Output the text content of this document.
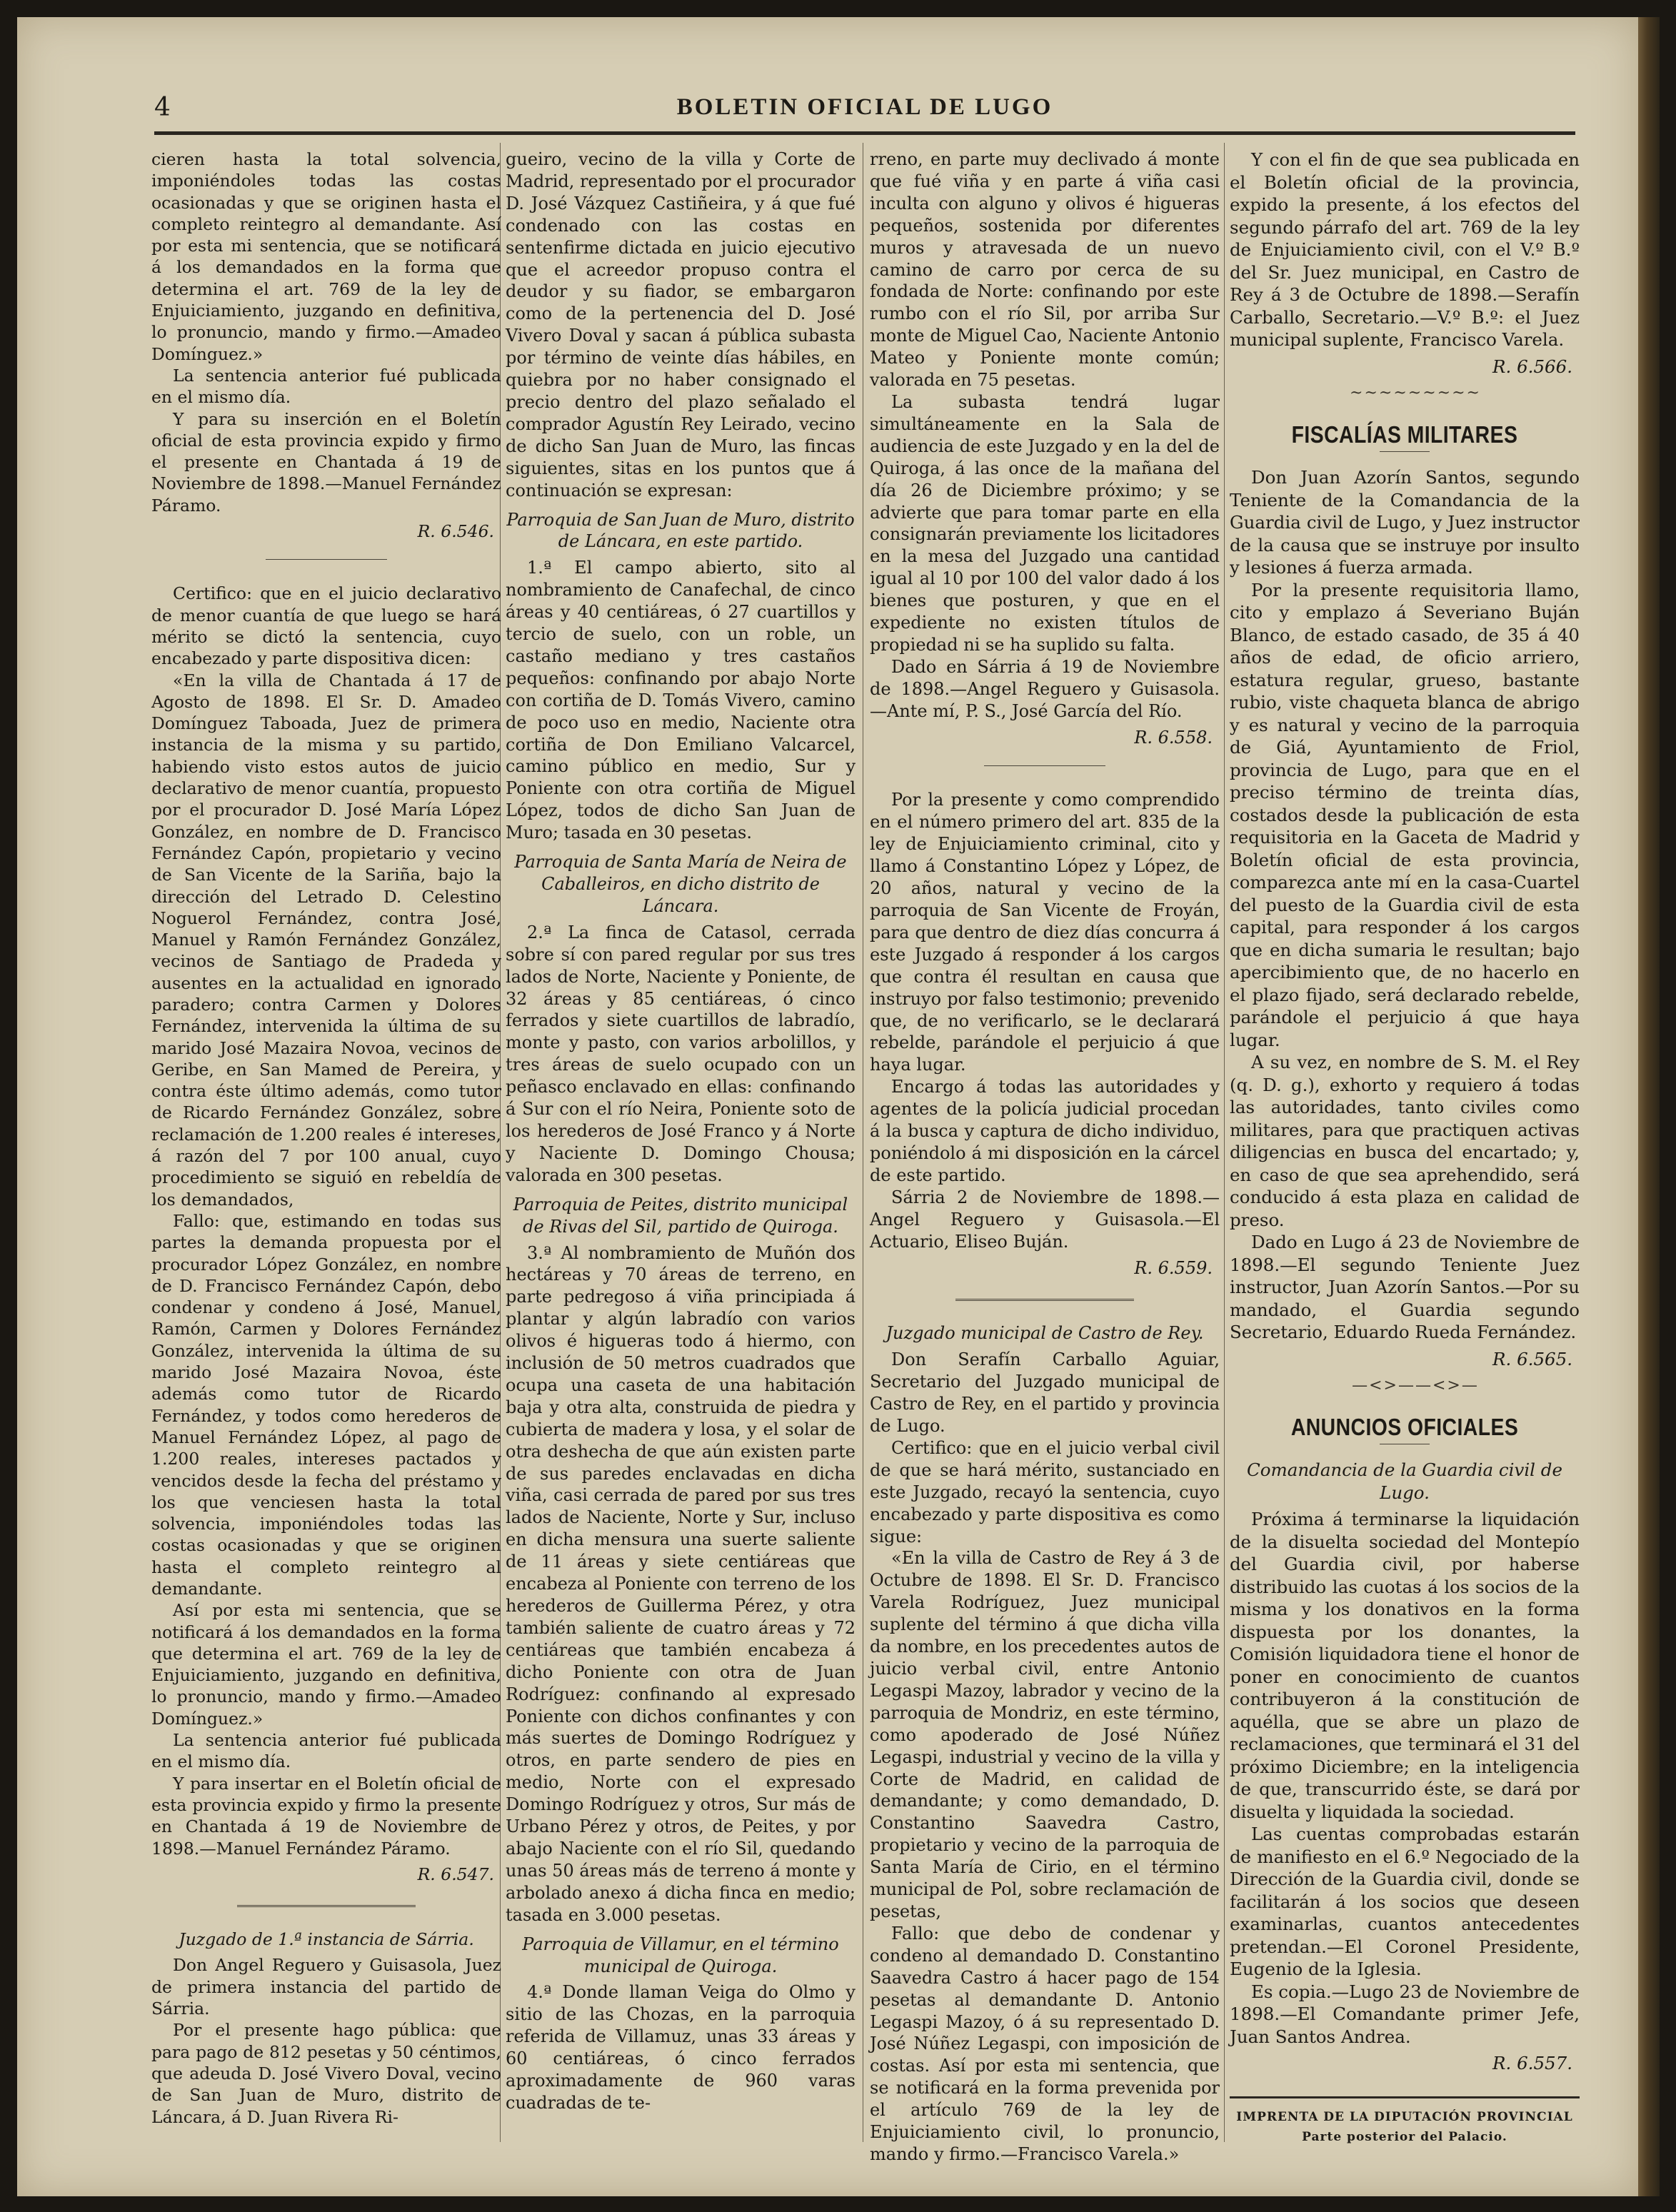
4	BOLETIN OFICIAL DE LUGO

cieren hasta la total solvencia, imponiéndoles todas las costas ocasionadas y que se originen hasta el completo reintegro al demandante. Así por esta mi sentencia, que se notificará á los demandados en la forma que determina el art. 769 de la ley de Enjuiciamiento, juzgando en definitiva, lo pronuncio, mando y firmo.—Amadeo Domínguez.»

La sentencia anterior fué publicada en el mismo día.

Y para su inserción en el Boletín oficial de esta provincia expido y firmo el presente en Chantada á 19 de Noviembre de 1898.—Manuel Fernández Páramo.

R. 6.546.

Certifico: que en el juicio declarativo de menor cuantía de que luego se hará mérito se dictó la sentencia, cuyo encabezado y parte dispositiva dicen:

«En la villa de Chantada á 17 de Agosto de 1898. El Sr. D. Amadeo Domínguez Taboada, Juez de primera instancia de la misma y su partido, habiendo visto estos autos de juicio declarativo de menor cuantía, propuesto por el procurador D. José María López González, en nombre de D. Francisco Fernández Capón, propietario y vecino de San Vicente de la Sariña, bajo la dirección del Letrado D. Celestino Noguerol Fernández, contra José, Manuel y Ramón Fernández González, vecinos de Santiago de Pradeda y ausentes en la actualidad en ignorado paradero; contra Carmen y Dolores Fernández, intervenida la última de su marido José Mazaira Novoa, vecinos de Geribe, en San Mamed de Pereira, y contra éste último además, como tutor de Ricardo Fernández González, sobre reclamación de 1.200 reales é intereses, á razón del 7 por 100 anual, cuyo procedimiento se siguió en rebeldía de los demandados,

Fallo: que, estimando en todas sus partes la demanda propuesta por el procurador López González, en nombre de D. Francisco Fernández Capón, debo condenar y condeno á José, Manuel, Ramón, Carmen y Dolores Fernández González, intervenida la última de su marido José Mazaira Novoa, éste además como tutor de Ricardo Fernández, y todos como herederos de Manuel Fernández López, al pago de 1.200 reales, intereses pactados y vencidos desde la fecha del préstamo y los que venciesen hasta la total solvencia, imponiéndoles todas las costas ocasionadas y que se originen hasta el completo reintegro al demandante.

Así por esta mi sentencia, que se notificará á los demandados en la forma que determina el art. 769 de la ley de Enjuiciamiento, juzgando en definitiva, lo pronuncio, mando y firmo.—Amadeo Domínguez.»

La sentencia anterior fué publicada en el mismo día.

Y para insertar en el Boletín oficial de esta provincia expido y firmo la presente en Chantada á 19 de Noviembre de 1898.—Manuel Fernández Páramo.

R. 6.547.

Juzgado de 1.ª instancia de Sárria.

Don Angel Reguero y Guisasola, Juez de primera instancia del partido de Sárria.

Por el presente hago pública: que para pago de 812 pesetas y 50 céntimos, que adeuda D. José Vivero Doval, vecino de San Juan de Muro, distrito de Láncara, á D. Juan Rivera Ri-

gueiro, vecino de la villa y Corte de Madrid, representado por el procurador D. José Vázquez Castiñeira, y á que fué condenado con las costas en sentenfirme dictada en juicio ejecutivo que el acreedor propuso contra el deudor y su fiador, se embargaron como de la pertenencia del D. José Vivero Doval y sacan á pública subasta por término de veinte días hábiles, en quiebra por no haber consignado el precio dentro del plazo señalado el comprador Agustín Rey Leirado, vecino de dicho San Juan de Muro, las fincas siguientes, sitas en los puntos que á continuación se expresan:

Parroquia de San Juan de Muro, distrito de Láncara, en este partido.

1.ª El campo abierto, sito al nombramiento de Canafechal, de cinco áreas y 40 centiáreas, ó 27 cuartillos y tercio de suelo, con un roble, un castaño mediano y tres castaños pequeños: confinando por abajo Norte con cortiña de D. Tomás Vivero, camino de poco uso en medio, Naciente otra cortiña de Don Emiliano Valcarcel, camino público en medio, Sur y Poniente con otra cortiña de Miguel López, todos de dicho San Juan de Muro; tasada en 30 pesetas.

Parroquia de Santa María de Neira de Caballeiros, en dicho distrito de Láncara.

2.ª La finca de Catasol, cerrada sobre sí con pared regular por sus tres lados de Norte, Naciente y Poniente, de 32 áreas y 85 centiáreas, ó cinco ferrados y siete cuartillos de labradío, monte y pasto, con varios arbolillos, y tres áreas de suelo ocupado con un peñasco enclavado en ellas: confinando á Sur con el río Neira, Poniente soto de los herederos de José Franco y á Norte y Naciente D. Domingo Chousa; valorada en 300 pesetas.

Parroquia de Peites, distrito municipal de Rivas del Sil, partido de Quiroga.

3.ª Al nombramiento de Muñón dos hectáreas y 70 áreas de terreno, en parte pedregoso á viña principiada á plantar y algún labradío con varios olivos é higueras todo á hiermo, con inclusión de 50 metros cuadrados que ocupa una caseta de una habitación baja y otra alta, construida de piedra y cubierta de madera y losa, y el solar de otra deshecha de que aún existen parte de sus paredes enclavadas en dicha viña, casi cerrada de pared por sus tres lados de Naciente, Norte y Sur, incluso en dicha mensura una suerte saliente de 11 áreas y siete centiáreas que encabeza al Poniente con terreno de los herederos de Guillerma Pérez, y otra también saliente de cuatro áreas y 72 centiáreas que también encabeza á dicho Poniente con otra de Juan Rodríguez: confinando al expresado Poniente con dichos confinantes y con más suertes de Domingo Rodríguez y otros, en parte sendero de pies en medio, Norte con el expresado Domingo Rodríguez y otros, Sur más de Urbano Pérez y otros, de Peites, y por abajo Naciente con el río Sil, quedando unas 50 áreas más de terreno á monte y arbolado anexo á dicha finca en medio; tasada en 3.000 pesetas.

Parroquia de Villamur, en el término municipal de Quiroga.

4.ª Donde llaman Veiga do Olmo y sitio de las Chozas, en la parroquia referida de Villamuz, unas 33 áreas y 60 centiáreas, ó cinco ferrados aproximadamente de 960 varas cuadradas de te-

rreno, en parte muy declivado á monte que fué viña y en parte á viña casi inculta con alguno y olivos é higueras pequeños, sostenida por diferentes muros y atravesada de un nuevo camino de carro por cerca de su fondada de Norte: confinando por este rumbo con el río Sil, por arriba Sur monte de Miguel Cao, Naciente Antonio Mateo y Poniente monte común; valorada en 75 pesetas.

La subasta tendrá lugar simultáneamente en la Sala de audiencia de este Juzgado y en la del de Quiroga, á las once de la mañana del día 26 de Diciembre próximo; y se advierte que para tomar parte en ella consignarán previamente los licitadores en la mesa del Juzgado una cantidad igual al 10 por 100 del valor dado á los bienes que posturen, y que en el expediente no existen títulos de propiedad ni se ha suplido su falta.

Dado en Sárria á 19 de Noviembre de 1898.—Angel Reguero y Guisasola. —Ante mí, P. S., José García del Río.

R. 6.558.

Por la presente y como comprendido en el número primero del art. 835 de la ley de Enjuiciamiento criminal, cito y llamo á Constantino López y López, de 20 años, natural y vecino de la parroquia de San Vicente de Froyán, para que dentro de diez días concurra á este Juzgado á responder á los cargos que contra él resultan en causa que instruyo por falso testimonio; prevenido que, de no verificarlo, se le declarará rebelde, parándole el perjuicio á que haya lugar.

Encargo á todas las autoridades y agentes de la policía judicial procedan á la busca y captura de dicho individuo, poniéndolo á mi disposición en la cárcel de este partido.

Sárria 2 de Noviembre de 1898.—Angel Reguero y Guisasola.—El Actuario, Eliseo Buján.

R. 6.559.

Juzgado municipal de Castro de Rey.

Don Serafín Carballo Aguiar, Secretario del Juzgado municipal de Castro de Rey, en el partido y provincia de Lugo.

Certifico: que en el juicio verbal civil de que se hará mérito, sustanciado en este Juzgado, recayó la sentencia, cuyo encabezado y parte dispositiva es como sigue:

«En la villa de Castro de Rey á 3 de Octubre de 1898. El Sr. D. Francisco Varela Rodríguez, Juez municipal suplente del término á que dicha villa da nombre, en los precedentes autos de juicio verbal civil, entre Antonio Legaspi Mazoy, labrador y vecino de la parroquia de Mondriz, en este término, como apoderado de José Núñez Legaspi, industrial y vecino de la villa y Corte de Madrid, en calidad de demandante; y como demandado, D. Constantino Saavedra Castro, propietario y vecino de la parroquia de Santa María de Cirio, en el término municipal de Pol, sobre reclamación de pesetas,

Fallo: que debo de condenar y condeno al demandado D. Constantino Saavedra Castro á hacer pago de 154 pesetas al demandante D. Antonio Legaspi Mazoy, ó á su representado D. José Núñez Legaspi, con imposición de costas. Así por esta mi sentencia, que se notificará en la forma prevenida por el artículo 769 de la ley de Enjuiciamiento civil, lo pronuncio, mando y firmo.—Francisco Varela.»

Y con el fin de que sea publicada en el Boletín oficial de la provincia, expido la presente, á los efectos del segundo párrafo del art. 769 de la ley de Enjuiciamiento civil, con el V.º B.º del Sr. Juez municipal, en Castro de Rey á 3 de Octubre de 1898.—Serafín Carballo, Secretario.—V.º B.º: el Juez municipal suplente, Francisco Varela.

R. 6.566.

~~~~~~~~~

FISCALÍAS MILITARES

Don Juan Azorín Santos, segundo Teniente de la Comandancia de la Guardia civil de Lugo, y Juez instructor de la causa que se instruye por insulto y lesiones á fuerza armada.

Por la presente requisitoria llamo, cito y emplazo á Severiano Buján Blanco, de estado casado, de 35 á 40 años de edad, de oficio arriero, estatura regular, grueso, bastante rubio, viste chaqueta blanca de abrigo y es natural y vecino de la parroquia de Giá, Ayuntamiento de Friol, provincia de Lugo, para que en el preciso término de treinta días, costados desde la publicación de esta requisitoria en la Gaceta de Madrid y Boletín oficial de esta provincia, comparezca ante mí en la casa-Cuartel del puesto de la Guardia civil de esta capital, para responder á los cargos que en dicha sumaria le resultan; bajo apercibimiento que, de no hacerlo en el plazo fijado, será declarado rebelde, parándole el perjuicio á que haya lugar.

A su vez, en nombre de S. M. el Rey (q. D. g.), exhorto y requiero á todas las autoridades, tanto civiles como militares, para que practiquen activas diligencias en busca del encartado; y, en caso de que sea aprehendido, será conducido á esta plaza en calidad de preso.

Dado en Lugo á 23 de Noviembre de 1898.—El segundo Teniente Juez instructor, Juan Azorín Santos.—Por su mandado, el Guardia segundo Secretario, Eduardo Rueda Fernández.

R. 6.565.

—<>——<>—

ANUNCIOS OFICIALES

Comandancia de la Guardia civil de Lugo.

Próxima á terminarse la liquidación de la disuelta sociedad del Montepío del Guardia civil, por haberse distribuido las cuotas á los socios de la misma y los donativos en la forma dispuesta por los donantes, la Comisión liquidadora tiene el honor de poner en conocimiento de cuantos contribuyeron á la constitución de aquélla, que se abre un plazo de reclamaciones, que terminará el 31 del próximo Diciembre; en la inteligencia de que, transcurrido éste, se dará por disuelta y liquidada la sociedad.

Las cuentas comprobadas estarán de manifiesto en el 6.º Negociado de la Dirección de la Guardia civil, donde se facilitarán á los socios que deseen examinarlas, cuantos antecedentes pretendan.—El Coronel Presidente, Eugenio de la Iglesia.

Es copia.—Lugo 23 de Noviembre de 1898.—El Comandante primer Jefe, Juan Santos Andrea.

R. 6.557.

IMPRENTA DE LA DIPUTACIÓN PROVINCIAL
Parte posterior del Palacio.
